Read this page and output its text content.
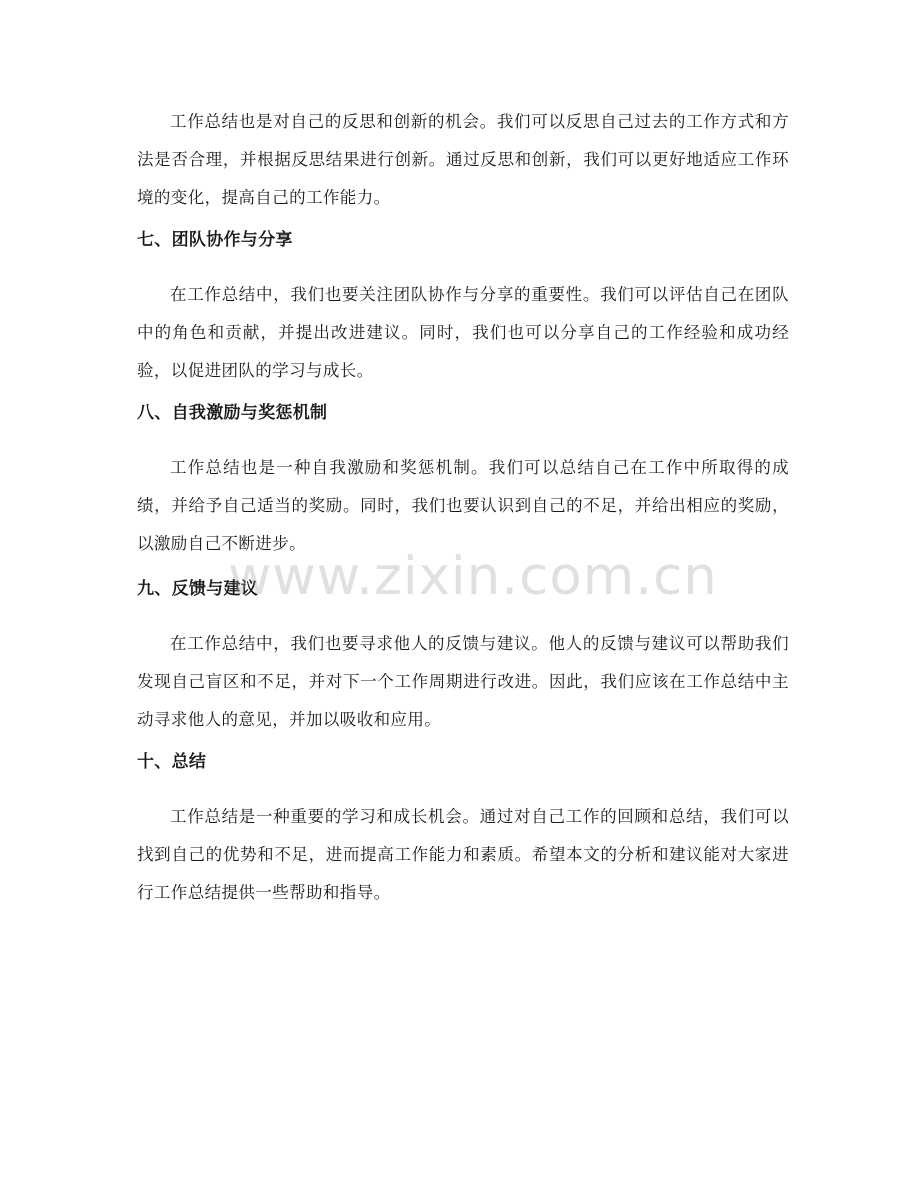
工作总结也是对自己的反思和创新的机会。我们可以反思自己过去的工作方式和方法是否合理，并根据反思结果进行创新。通过反思和创新，我们可以更好地适应工作环境的变化，提高自己的工作能力。

七、团队协作与分享

在工作总结中，我们也要关注团队协作与分享的重要性。我们可以评估自己在团队中的角色和贡献，并提出改进建议。同时，我们也可以分享自己的工作经验和成功经验，以促进团队的学习与成长。

八、自我激励与奖惩机制

工作总结也是一种自我激励和奖惩机制。我们可以总结自己在工作中所取得的成绩，并给予自己适当的奖励。同时，我们也要认识到自己的不足，并给出相应的奖励，以激励自己不断进步。

九、反馈与建议

在工作总结中，我们也要寻求他人的反馈与建议。他人的反馈与建议可以帮助我们发现自己盲区和不足，并对下一个工作周期进行改进。因此，我们应该在工作总结中主动寻求他人的意见，并加以吸收和应用。

十、总结

工作总结是一种重要的学习和成长机会。通过对自己工作的回顾和总结，我们可以找到自己的优势和不足，进而提高工作能力和素质。希望本文的分析和建议能对大家进行工作总结提供一些帮助和指导。

www.zixin.com.cn
